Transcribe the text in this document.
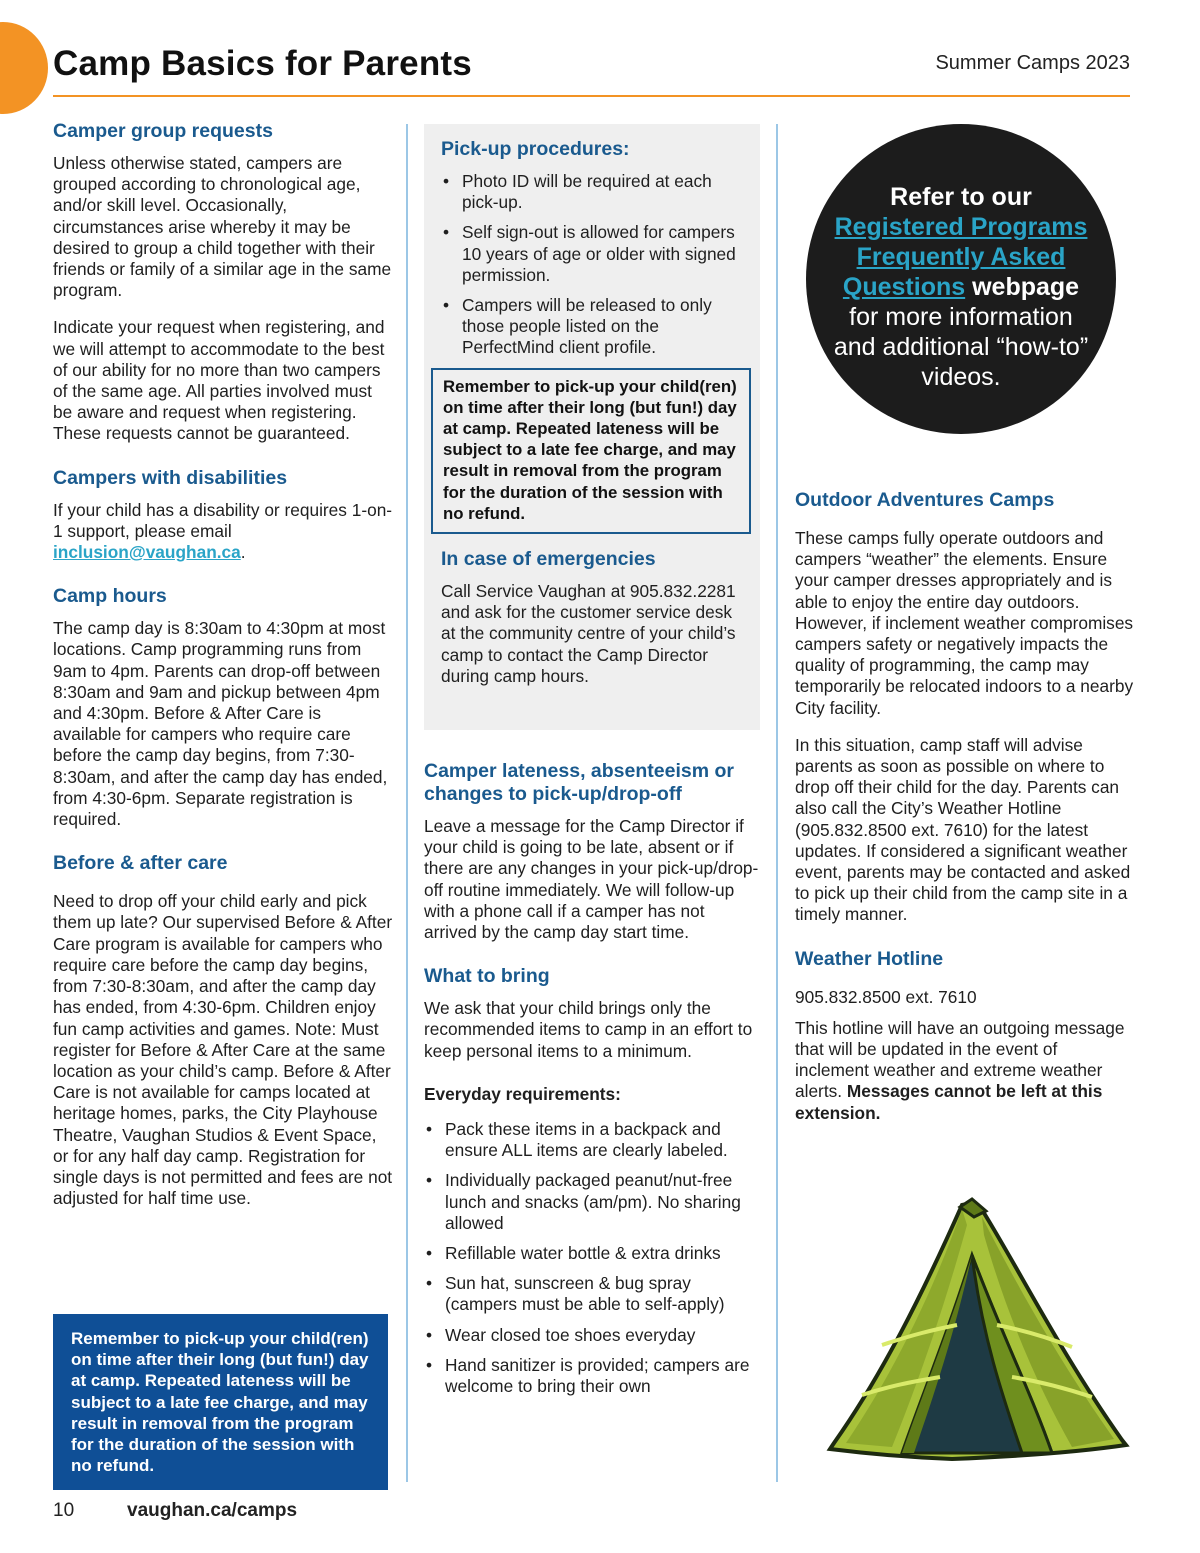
Camp Basics for Parents	Summer Camps 2023
Camper group requests

Unless otherwise stated, campers are grouped according to chronological age, and/or skill level. Occasionally, circumstances arise whereby it may be desired to group a child together with their friends or family of a similar age in the same program.

Indicate your request when registering, and we will attempt to accommodate to the best of our ability for no more than two campers of the same age. All parties involved must be aware and request when registering. These requests cannot be guaranteed.

Campers with disabilities

If your child has a disability or requires 1-on-1 support, please email inclusion@vaughan.ca.

Camp hours

The camp day is 8:30am to 4:30pm at most locations. Camp programming runs from 9am to 4pm. Parents can drop-off between 8:30am and 9am and pickup between 4pm and 4:30pm. Before & After Care is available for campers who require care before the camp day begins, from 7:30-8:30am, and after the camp day has ended, from 4:30-6pm. Separate registration is required.

Before & after care

Need to drop off your child early and pick them up late? Our supervised Before & After Care program is available for campers who require care before the camp day begins, from 7:30-8:30am, and after the camp day has ended, from 4:30-6pm. Children enjoy fun camp activities and games. Note: Must register for Before & After Care at the same location as your child’s camp. Before & After Care is not available for camps located at heritage homes, parks, the City Playhouse Theatre, Vaughan Studios & Event Space, or for any half day camp. Registration for single days is not permitted and fees are not adjusted for half time use.

Remember to pick-up your child(ren) on time after their long (but fun!) day at camp. Repeated lateness will be subject to a late fee charge, and may result in removal from the program for the duration of the session with no refund.
Pick-up procedures:
• Photo ID will be required at each pick-up.
• Self sign-out is allowed for campers 10 years of age or older with signed permission.
• Campers will be released to only those people listed on the PerfectMind client profile.
Remember to pick-up your child(ren) on time after their long (but fun!) day at camp. Repeated lateness will be subject to a late fee charge, and may result in removal from the program for the duration of the session with no refund.
In case of emergencies

Call Service Vaughan at 905.832.2281 and ask for the customer service desk at the community centre of your child’s camp to contact the Camp Director during camp hours.

Camper lateness, absenteeism or changes to pick-up/drop-off

Leave a message for the Camp Director if your child is going to be late, absent or if there are any changes in your pick-up/drop-off routine immediately. We will follow-up with a phone call if a camper has not arrived by the camp day start time.

What to bring

We ask that your child brings only the recommended items to camp in an effort to keep personal items to a minimum.

Everyday requirements:

• Pack these items in a backpack and ensure ALL items are clearly labeled.
• Individually packaged peanut/nut-free lunch and snacks (am/pm). No sharing allowed
• Refillable water bottle & extra drinks
• Sun hat, sunscreen & bug spray (campers must be able to self-apply)
• Wear closed toe shoes everyday
• Hand sanitizer is provided; campers are welcome to bring their own
Refer to our
Registered Programs Frequently Asked Questions webpage
for more information and additional “how-to” videos.
Outdoor Adventures Camps

These camps fully operate outdoors and campers “weather” the elements. Ensure your camper dresses appropriately and is able to enjoy the entire day outdoors. However, if inclement weather compromises campers safety or negatively impacts the quality of programming, the camp may temporarily be relocated indoors to a nearby City facility.

In this situation, camp staff will advise parents as soon as possible on where to drop off their child for the day. Parents can also call the City’s Weather Hotline (905.832.8500 ext. 7610) for the latest updates. If considered a significant weather event, parents may be contacted and asked to pick up their child from the camp site in a timely manner.

Weather Hotline

905.832.8500 ext. 7610

This hotline will have an outgoing message that will be updated in the event of inclement weather and extreme weather alerts. Messages cannot be left at this extension.

10	vaughan.ca/camps
